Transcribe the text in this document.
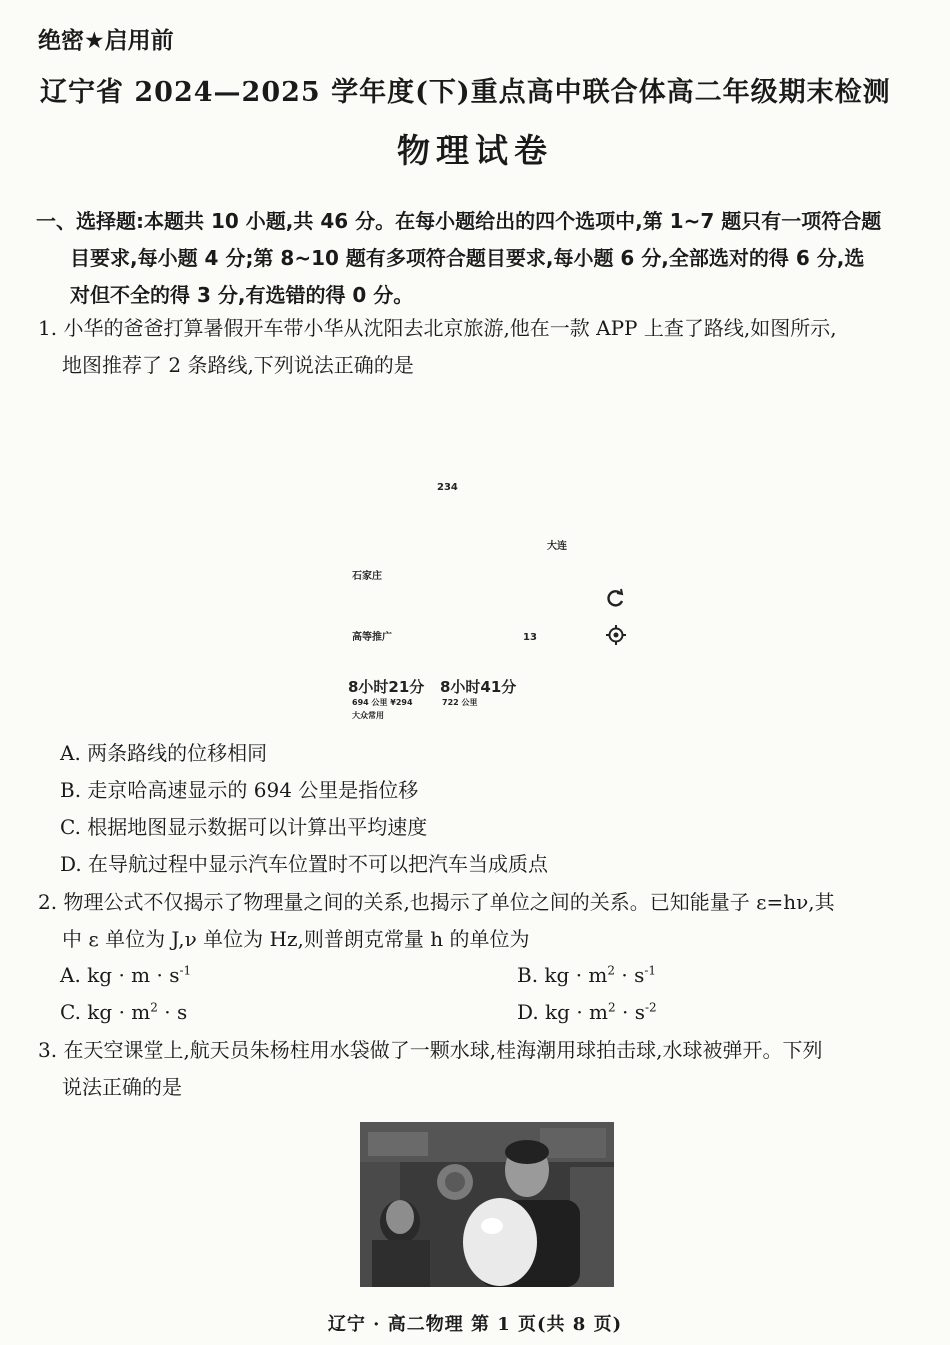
绝密★启用前
辽宁省 2024—2025 学年度(下)重点高中联合体高二年级期末检测
物理试卷
一、选择题:本题共 10 小题,共 46 分。在每小题给出的四个选项中,第 1~7 题只有一项符合题
目要求,每小题 4 分;第 8~10 题有多项符合题目要求,每小题 6 分,全部选对的得 6 分,选
对但不全的得 3 分,有选错的得 0 分。
1. 小华的爸爸打算暑假开车带小华从沈阳去北京旅游,他在一款 APP 上查了路线,如图所示,
地图推荐了 2 条路线,下列说法正确的是
234
大连
石家庄
高等推广	13
8小时21分 8小时41分
694 公里 ¥294	722 公里
大众常用
A. 两条路线的位移相同
B. 走京哈高速显示的 694 公里是指位移
C. 根据地图显示数据可以计算出平均速度
D. 在导航过程中显示汽车位置时不可以把汽车当成质点
2. 物理公式不仅揭示了物理量之间的关系,也揭示了单位之间的关系。已知能量子 ε=hν,其
中 ε 单位为 J,ν 单位为 Hz,则普朗克常量 h 的单位为
A. kg · $m \cdot s^{-1}$	B. kg · $m^2 \cdot s^{-1}$
C. kg · $m^2 \cdot s$	D. kg · $m^2 \cdot s^{-2}$
3. 在天空课堂上,航天员朱杨柱用水袋做了一颗水球,桂海潮用球拍击球,水球被弹开。下列
说法正确的是
辽宁 · 高二物理 第 1 页(共 8 页)
